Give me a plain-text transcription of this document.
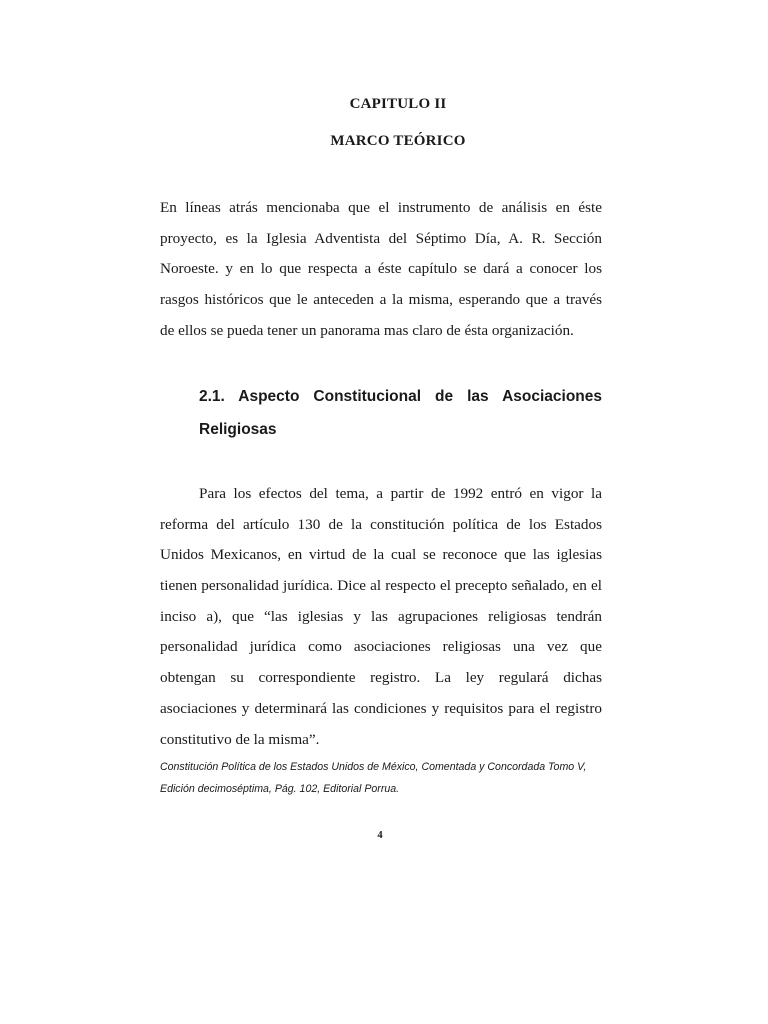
CAPITULO II
MARCO TEÓRICO
En líneas atrás mencionaba que el instrumento de análisis en éste
proyecto, es la Iglesia Adventista del Séptimo Día, A. R. Sección
Noroeste. y en lo que respecta a éste capítulo se dará a conocer los
rasgos históricos que le anteceden a la misma, esperando que a través
de ellos se pueda tener un panorama mas claro de ésta organización.
2.1. Aspecto Constitucional de las Asociaciones
Religiosas
Para los efectos del tema, a partir de 1992 entró en vigor la
reforma del artículo 130 de la constitución política de los Estados
Unidos Mexicanos, en virtud de la cual se reconoce que las iglesias
tienen personalidad jurídica. Dice al respecto el precepto señalado, en el
inciso a), que “las iglesias y las agrupaciones religiosas tendrán
personalidad jurídica como asociaciones religiosas una vez que
obtengan su correspondiente registro. La ley regulará dichas
asociaciones y determinará las condiciones y requisitos para el registro
constitutivo de la misma”.
Constitución Política de los Estados Unidos de México, Comentada y Concordada Tomo V,
Edición decimoséptima, Pág. 102, Editorial Porrua.
4
